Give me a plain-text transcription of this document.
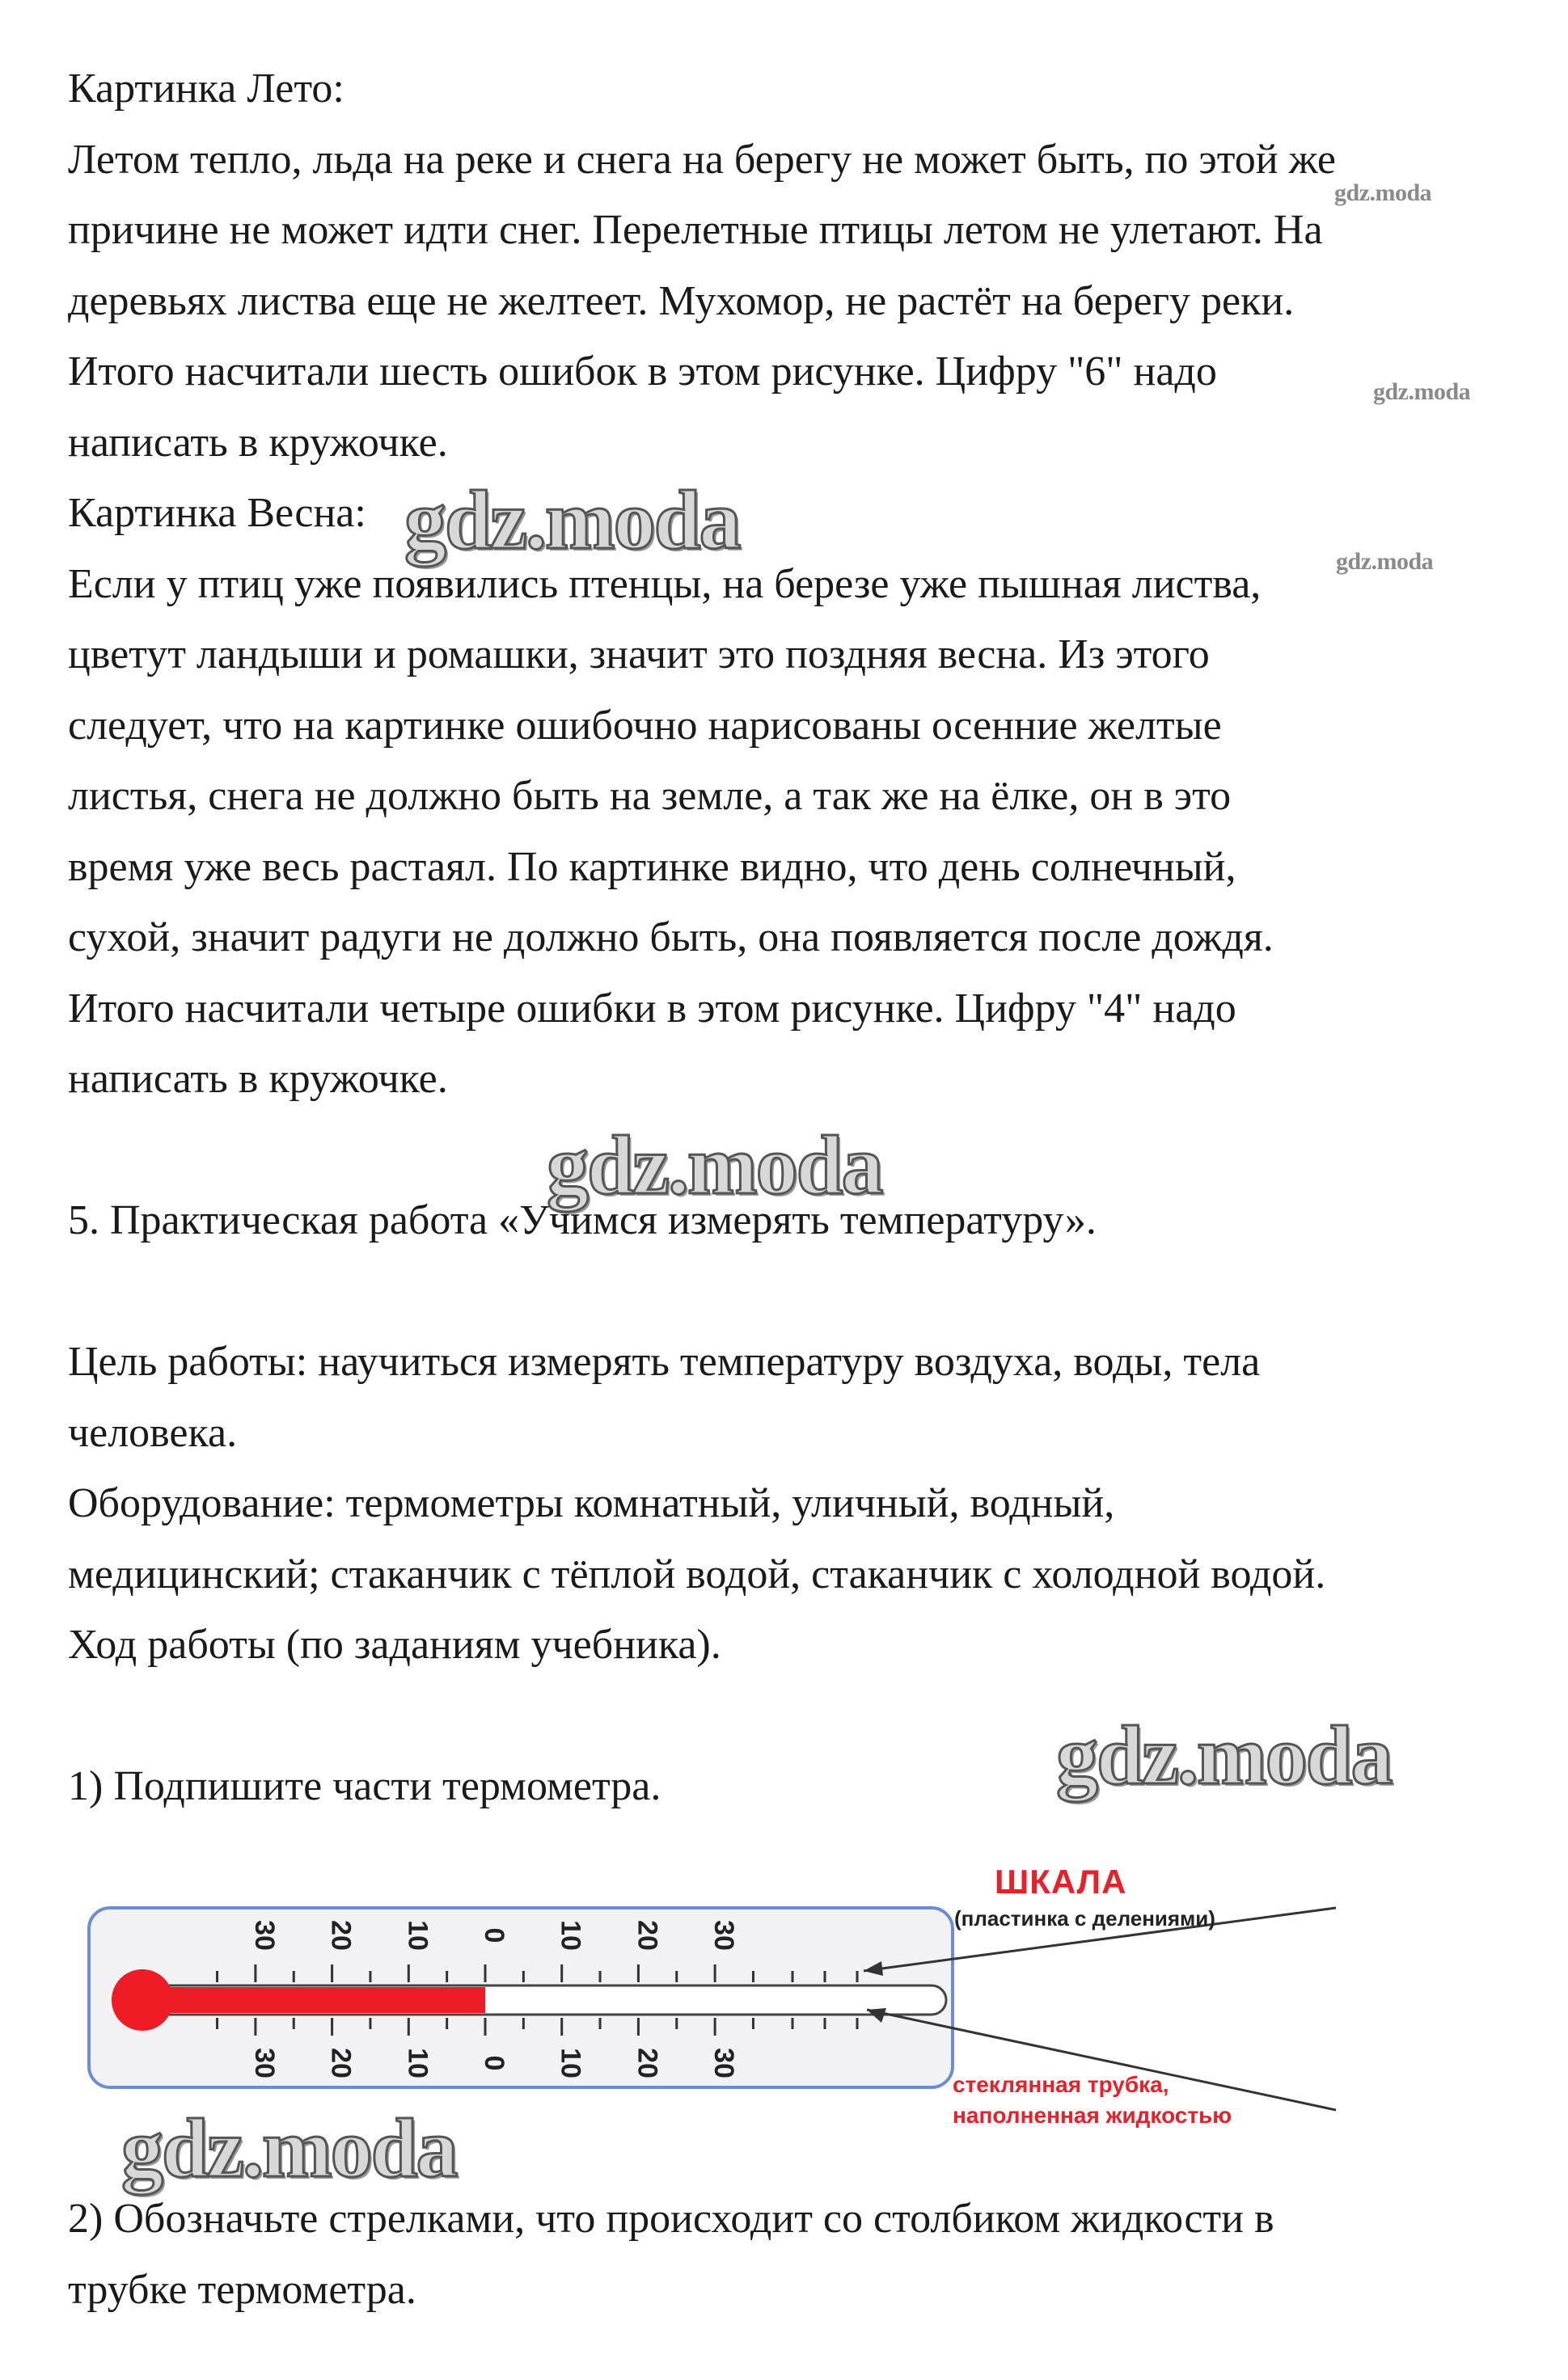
Картинка Лето:

Летом тепло, льда на реке и снега на берегу не может быть, по этой же

причине не может идти снег. Перелетные птицы летом не улетают. На

деревьях листва еще не желтеет. Мухомор, не растёт на берегу реки.

Итого насчитали шесть ошибок в этом рисунке. Цифру "6" надо

написать в кружочке.

Картинка Весна:

Если у птиц уже появились птенцы, на березе уже пышная листва,

цветут ландыши и ромашки, значит это поздняя весна. Из этого

следует, что на картинке ошибочно нарисованы осенние желтые

листья, снега не должно быть на земле, а так же на ёлке, он в это

время уже весь растаял. По картинке видно, что день солнечный,

сухой, значит радуги не должно быть, она появляется после дождя.

Итого насчитали четыре ошибки в этом рисунке. Цифру "4" надо

написать в кружочке.

5. Практическая работа «Учимся измерять температуру».

Цель работы: научиться измерять температуру воздуха, воды, тела

человека.

Оборудование: термометры комнатный, уличный, водный,

медицинский; стаканчик с тёплой водой, стаканчик с холодной водой.

Ход работы (по заданиям учебника).

1) Подпишите части термометра.

30 20 10 0 10 20 30
30 20 10 0 10 20 30
ШКАЛА
(пластинка с делениями)
стеклянная трубка,
наполненная жидкостью

2) Обозначьте стрелками, что происходит со столбиком жидкости в

трубке термометра.

gdz.moda
gdz.moda
gdz.moda
gdz.moda
gdz.moda
gdz.moda
gdz.moda
